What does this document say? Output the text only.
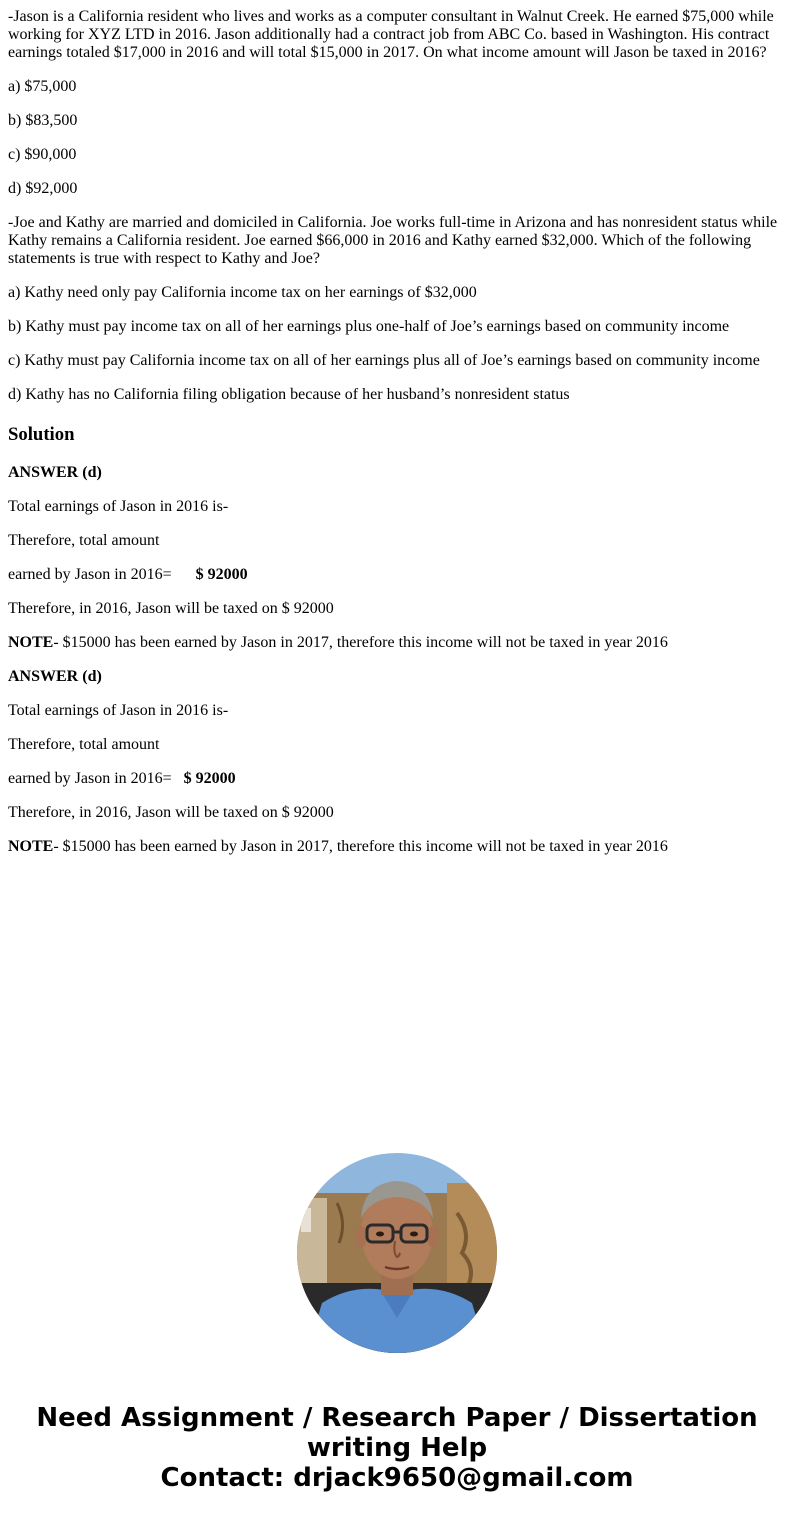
-Jason is a California resident who lives and works as a computer consultant in Walnut Creek. He earned $75,000 while working for XYZ LTD in 2016. Jason additionally had a contract job from ABC Co. based in Washington. His contract earnings totaled $17,000 in 2016 and will total $15,000 in 2017. On what income amount will Jason be taxed in 2016?

a) $75,000

b) $83,500

c) $90,000

d) $92,000

-Joe and Kathy are married and domiciled in California. Joe works full-time in Arizona and has nonresident status while Kathy remains a California resident. Joe earned $66,000 in 2016 and Kathy earned $32,000. Which of the following statements is true with respect to Kathy and Joe?

a) Kathy need only pay California income tax on her earnings of $32,000

b) Kathy must pay income tax on all of her earnings plus one-half of Joe’s earnings based on community income

c) Kathy must pay California income tax on all of her earnings plus all of Joe’s earnings based on community income

d) Kathy has no California filing obligation because of her husband’s nonresident status

Solution

ANSWER (d)

Total earnings of Jason in 2016 is-

Therefore, total amount

earned by Jason in 2016= $ 92000

Therefore, in 2016, Jason will be taxed on $ 92000

NOTE- $15000 has been earned by Jason in 2017, therefore this income will not be taxed in year 2016

ANSWER (d)

Total earnings of Jason in 2016 is-

Therefore, total amount

earned by Jason in 2016= $ 92000

Therefore, in 2016, Jason will be taxed on $ 92000

NOTE- $15000 has been earned by Jason in 2017, therefore this income will not be taxed in year 2016

Need Assignment / Research Paper / Dissertation
writing Help
Contact: drjack9650@gmail.com
